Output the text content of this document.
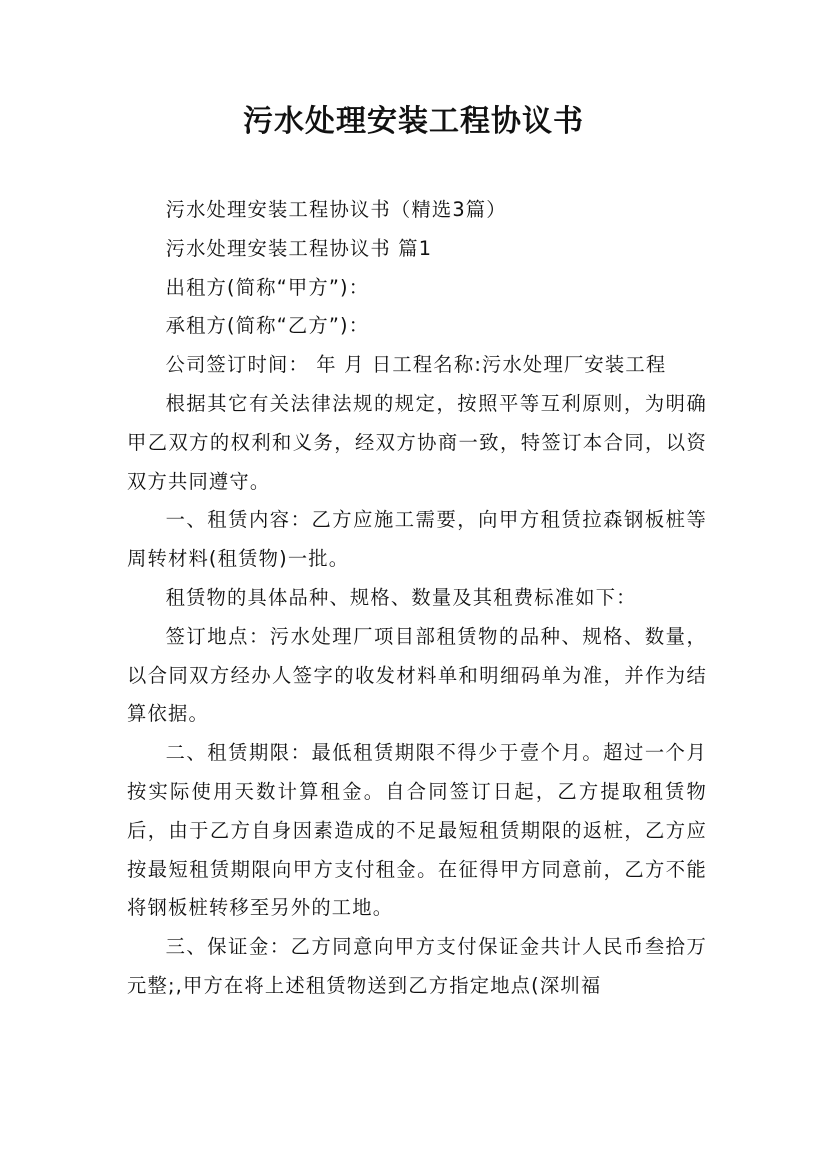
污水处理安装工程协议书

污水处理安装工程协议书（精选3篇）

污水处理安装工程协议书 篇1

出租方(简称“甲方”)：

承租方(简称“乙方”)：

公司签订时间： 年 月 日工程名称:污水处理厂安装工程

根据其它有关法律法规的规定，按照平等互利原则，为明确甲乙双方的权利和义务，经双方协商一致，特签订本合同，以资双方共同遵守。

一、租赁内容：乙方应施工需要，向甲方租赁拉森钢板桩等周转材料(租赁物)一批。

租赁物的具体品种、规格、数量及其租费标准如下：

签订地点：污水处理厂项目部租赁物的品种、规格、数量，以合同双方经办人签字的收发材料单和明细码单为准，并作为结算依据。

二、租赁期限：最低租赁期限不得少于壹个月。超过一个月按实际使用天数计算租金。自合同签订日起，乙方提取租赁物后，由于乙方自身因素造成的不足最短租赁期限的返桩，乙方应按最短租赁期限向甲方支付租金。在征得甲方同意前，乙方不能将钢板桩转移至另外的工地。

三、保证金：乙方同意向甲方支付保证金共计人民币叁拾万元整;,甲方在将上述租赁物送到乙方指定地点(深圳福
